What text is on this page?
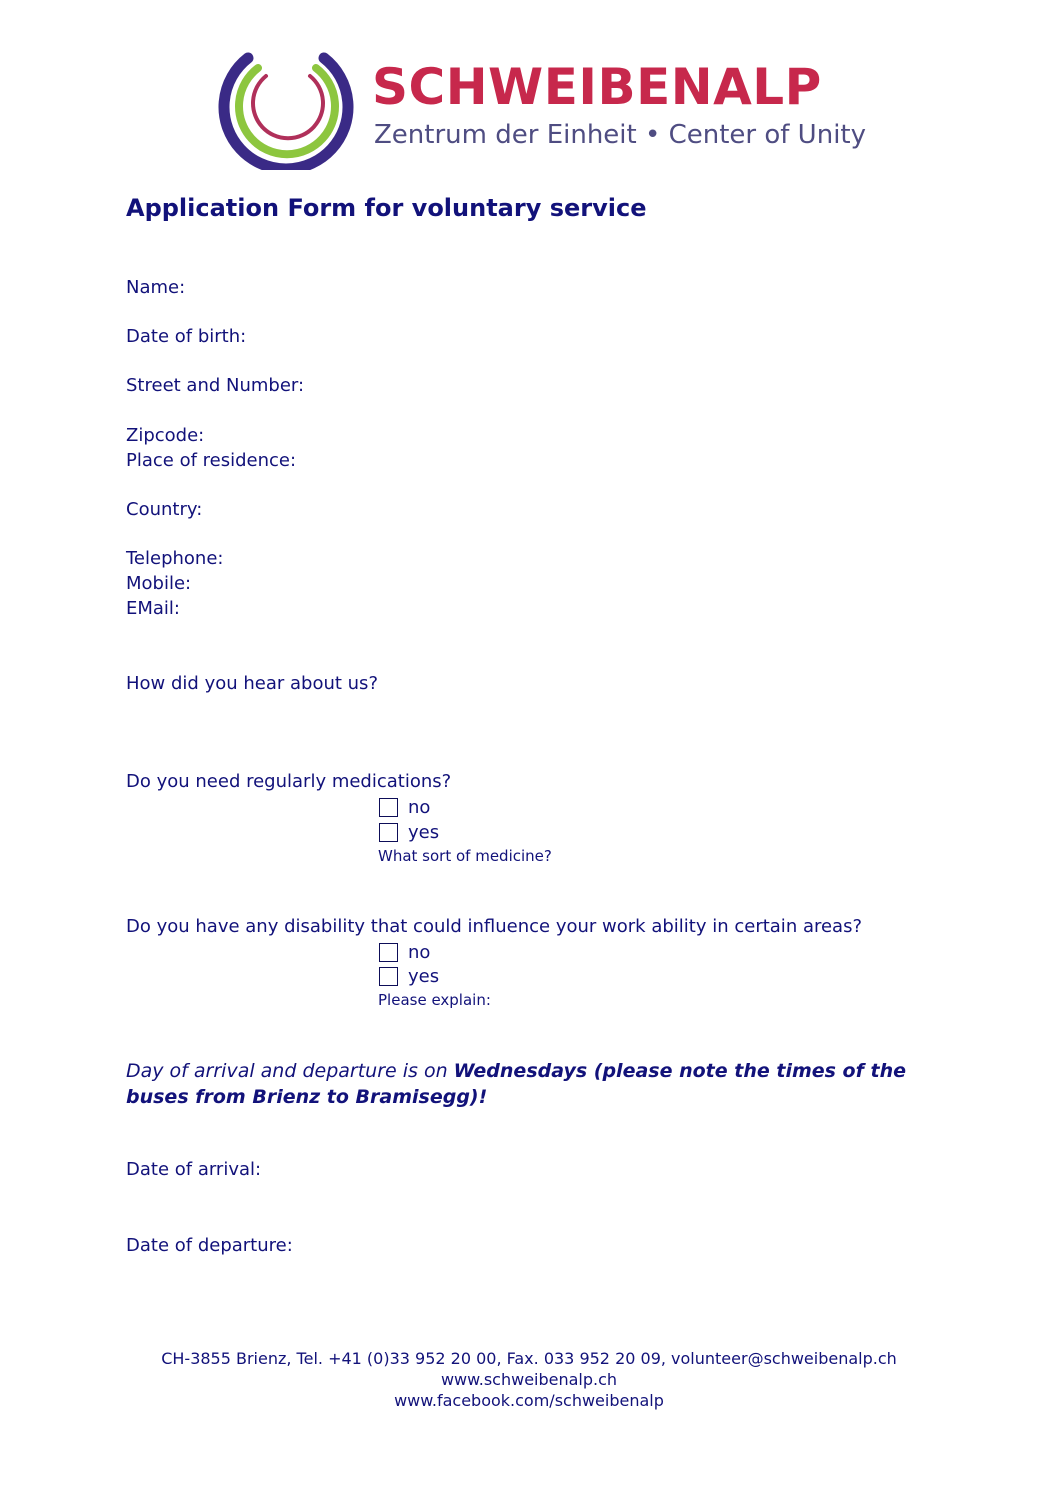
SCHWEIBENALP
Zentrum der Einheit • Center of Unity
Application Form for voluntary service
Name:
Date of birth:
Street and Number:
Zipcode:
Place of residence:
Country:
Telephone:
Mobile:
EMail:
How did you hear about us?
Do you need regularly medications?
no
yes
What sort of medicine?
Do you have any disability that could influence your work ability in certain areas?
no
yes
Please explain:
Day of arrival and departure is on Wednesdays (please note the times of the buses from Brienz to Bramisegg)!
Date of arrival:
Date of departure:
CH-3855 Brienz, Tel. +41 (0)33 952 20 00, Fax. 033 952 20 09, volunteer@schweibenalp.ch
www.schweibenalp.ch
www.facebook.com/schweibenalp
